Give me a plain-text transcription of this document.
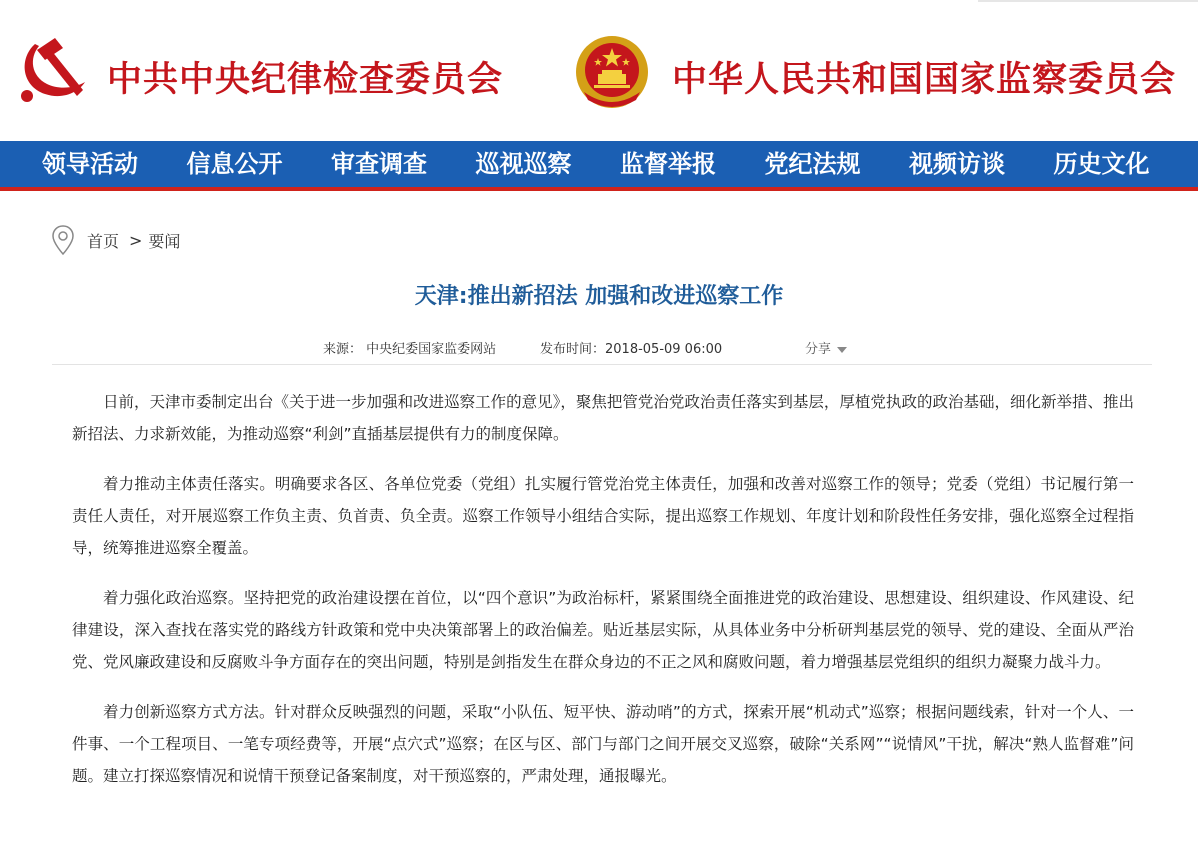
中共中央纪律检查委员会	中华人民共和国国家监察委员会
领导活动	信息公开	审查调查	巡视巡察	监督举报	党纪法规	视频访谈	历史文化
首页 > 要闻
天津:推出新招法 加强和改进巡察工作
来源： 中央纪委国家监委网站	发布时间：2018-05-09 06:00	分享

日前，天津市委制定出台《关于进一步加强和改进巡察工作的意见》，聚焦把管党治党政治责任落实到基层，厚植党执政的政治基础，细化新举措、推出新招法、力求新效能，为推动巡察“利剑”直插基层提供有力的制度保障。

着力推动主体责任落实。明确要求各区、各单位党委（党组）扎实履行管党治党主体责任，加强和改善对巡察工作的领导；党委（党组）书记履行第一责任人责任，对开展巡察工作负主责、负首责、负全责。巡察工作领导小组结合实际，提出巡察工作规划、年度计划和阶段性任务安排，强化巡察全过程指导，统筹推进巡察全覆盖。

着力强化政治巡察。坚持把党的政治建设摆在首位，以“四个意识”为政治标杆，紧紧围绕全面推进党的政治建设、思想建设、组织建设、作风建设、纪律建设，深入查找在落实党的路线方针政策和党中央决策部署上的政治偏差。贴近基层实际，从具体业务中分析研判基层党的领导、党的建设、全面从严治党、党风廉政建设和反腐败斗争方面存在的突出问题，特别是剑指发生在群众身边的不正之风和腐败问题，着力增强基层党组织的组织力凝聚力战斗力。

着力创新巡察方式方法。针对群众反映强烈的问题，采取“小队伍、短平快、游动哨”的方式，探索开展“机动式”巡察；根据问题线索，针对一个人、一件事、一个工程项目、一笔专项经费等，开展“点穴式”巡察；在区与区、部门与部门之间开展交叉巡察，破除“关系网”“说情风”干扰，解决“熟人监督难”问题。建立打探巡察情况和说情干预登记备案制度，对干预巡察的，严肃处理，通报曝光。
